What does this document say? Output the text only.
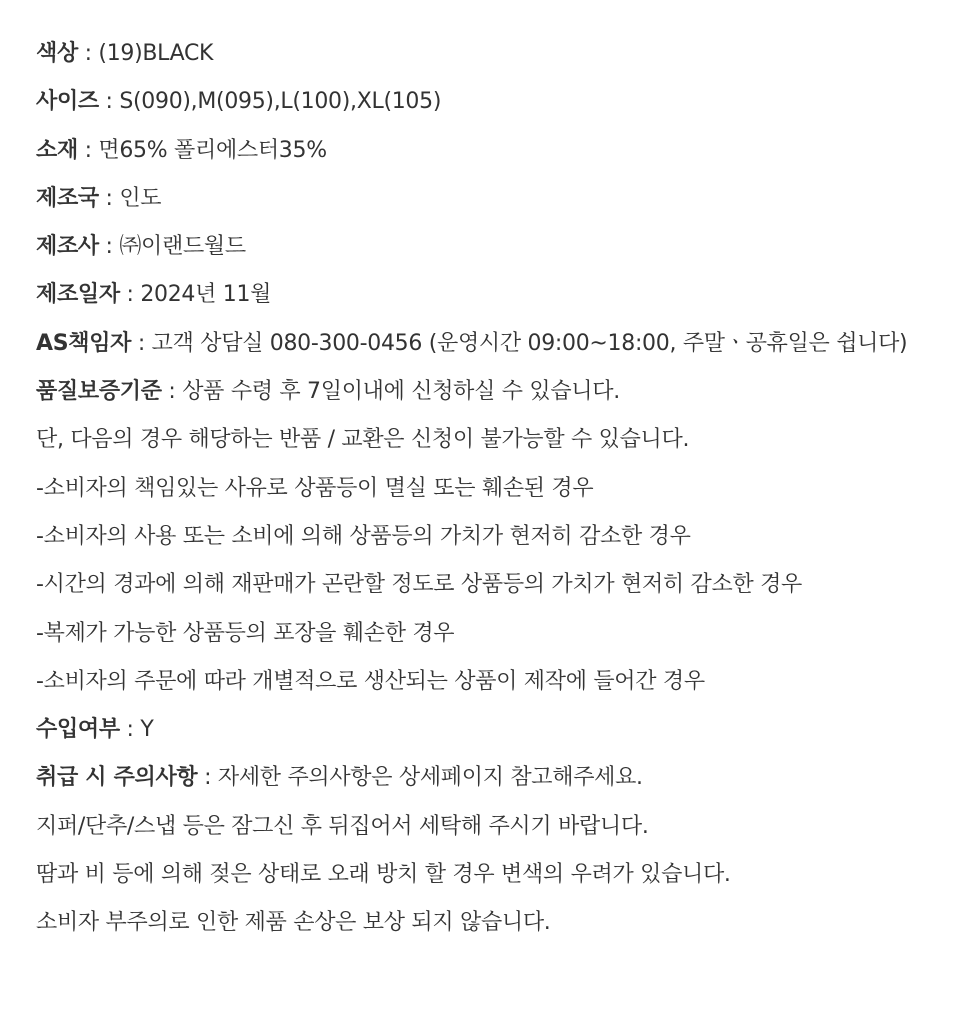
색상 : (19)BLACK

사이즈 : S(090),M(095),L(100),XL(105)

소재 : 면65% 폴리에스터35%

제조국 : 인도

제조사 : ㈜이랜드월드

제조일자 : 2024년 11월

AS책임자 : 고객 상담실 080-300-0456 (운영시간 09:00~18:00, 주말ㆍ공휴일은 쉽니다)

품질보증기준 : 상품 수령 후 7일이내에 신청하실 수 있습니다.

단, 다음의 경우 해당하는 반품 / 교환은 신청이 불가능할 수 있습니다.

-소비자의 책임있는 사유로 상품등이 멸실 또는 훼손된 경우

-소비자의 사용 또는 소비에 의해 상품등의 가치가 현저히 감소한 경우

-시간의 경과에 의해 재판매가 곤란할 정도로 상품등의 가치가 현저히 감소한 경우

-복제가 가능한 상품등의 포장을 훼손한 경우

-소비자의 주문에 따라 개별적으로 생산되는 상품이 제작에 들어간 경우

수입여부 : Y

취급 시 주의사항 : 자세한 주의사항은 상세페이지 참고해주세요.

지퍼/단추/스냅 등은 잠그신 후 뒤집어서 세탁해 주시기 바랍니다.

땀과 비 등에 의해 젖은 상태로 오래 방치 할 경우 변색의 우려가 있습니다.

소비자 부주의로 인한 제품 손상은 보상 되지 않습니다.
